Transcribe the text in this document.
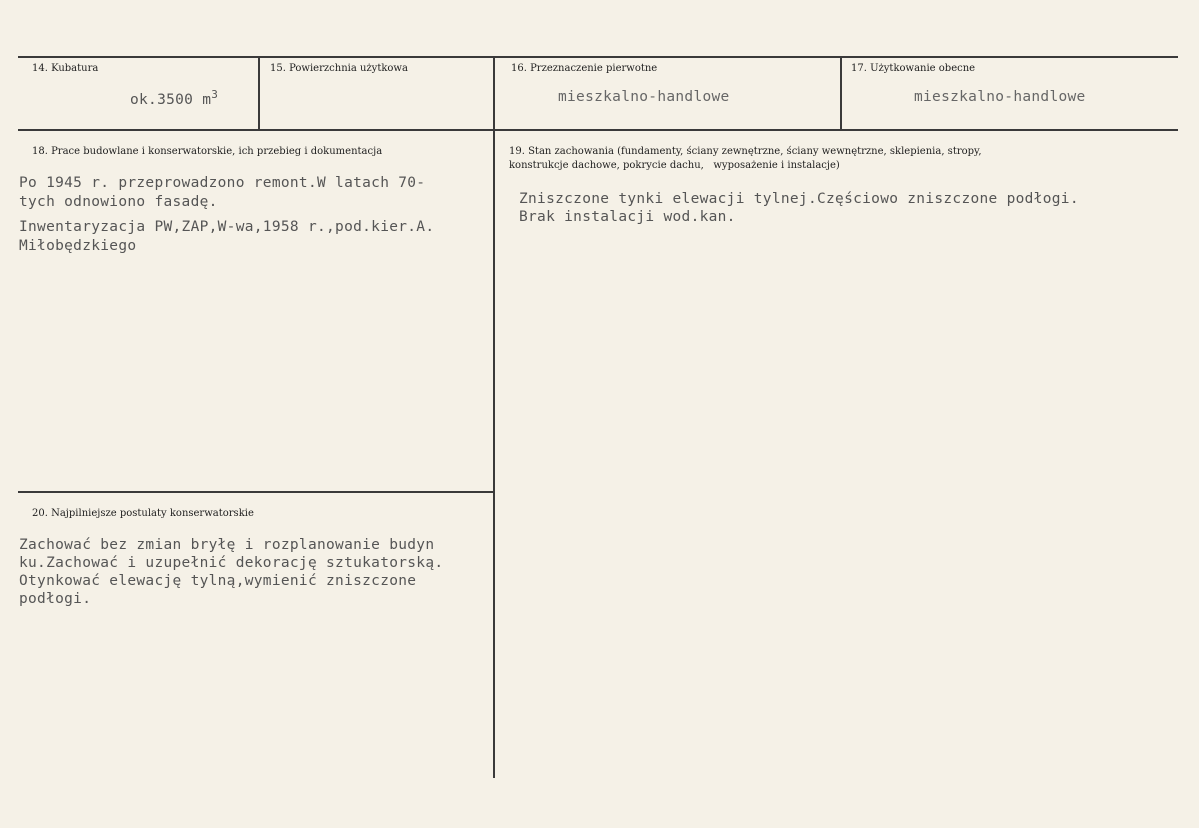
14. Kubatura
ok.3500 $m^3$
15. Powierzchnia użytkowa	16. Przeznaczenie pierwotne
mieszkalno-handlowe
17. Użytkowanie obecne
mieszkalno-handlowe
18. Prace budowlane i konserwatorskie, ich przebieg i dokumentacja
Po 1945 r. przeprowadzono remont.W latach 70-
tych odnowiono fasadę.
Inwentaryzacja PW,ZAP,W-wa,1958 r.,pod.kier.A.
Miłobędzkiego
19. Stan zachowania (fundamenty, ściany zewnętrzne, ściany wewnętrzne, sklepienia, stropy,
konstrukcje dachowe, pokrycie dachu,   wyposażenie i instalacje)
Zniszczone tynki elewacji tylnej.Częściowo zniszczone podłogi.
Brak instalacji wod.kan.
20. Najpilniejsze postulaty konserwatorskie
Zachować bez zmian bryłę i rozplanowanie budyn
ku.Zachować i uzupełnić dekorację sztukatorską.
Otynkować elewację tylną,wymienić zniszczone
podłogi.
